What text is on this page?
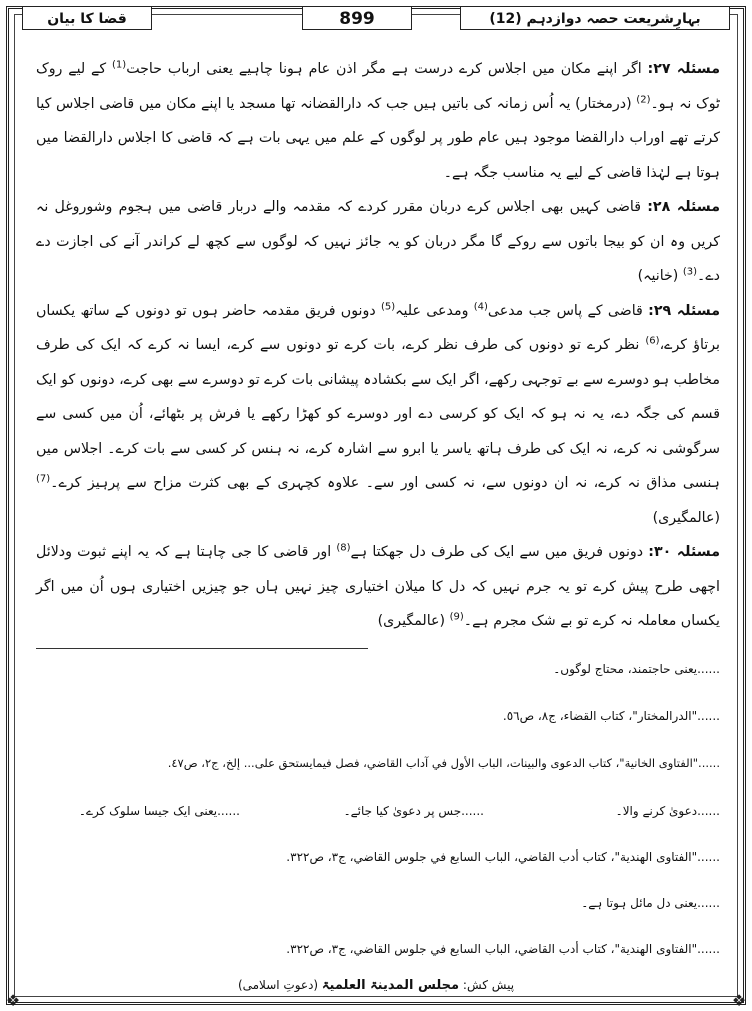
❖	❖
قضا کا بیان	899	بہارِشریعت حصہ دوازدہم (12)

مسئلہ ۲۷: اگر اپنے مکان میں اجلاس کرے درست ہے مگر اذن عام ہونا چاہیے یعنی ارباب حاجت$^{(1)}$ کے لیے روک ٹوک نہ ہو۔$^{(2)}$ (درمختار) یہ اُس زمانہ کی باتیں ہیں جب کہ دارالقضانہ تھا مسجد یا اپنے مکان میں قاضی اجلاس کیا کرتے تھے اوراب دارالقضا موجود ہیں عام طور پر لوگوں کے علم میں یہی بات ہے کہ قاضی کا اجلاس دارالقضا میں ہوتا ہے لہٰذا قاضی کے لیے یہ مناسب جگہ ہے۔

مسئلہ ۲۸: قاضی کہیں بھی اجلاس کرے دربان مقرر کردے کہ مقدمہ والے دربار قاضی میں ہجوم وشوروغل نہ کریں وہ ان کو بیجا باتوں سے روکے گا مگر دربان کو یہ جائز نہیں کہ لوگوں سے کچھ لے کراندر آنے کی اجازت دے دے۔$^{(3)}$ (خانیہ)

مسئلہ ۲۹: قاضی کے پاس جب مدعی$^{(4)}$ ومدعی علیہ$^{(5)}$ دونوں فریق مقدمہ حاضر ہوں تو دونوں کے ساتھ یکساں برتاؤ کرے،$^{(6)}$ نظر کرے تو دونوں کی طرف نظر کرے، بات کرے تو دونوں سے کرے، ایسا نہ کرے کہ ایک کی طرف مخاطب ہو دوسرے سے بے توجہی رکھے، اگر ایک سے بکشادہ پیشانی بات کرے تو دوسرے سے بھی کرے، دونوں کو ایک قسم کی جگہ دے، یہ نہ ہو کہ ایک کو کرسی دے اور دوسرے کو کھڑا رکھے یا فرش پر بٹھائے، اُن میں کسی سے سرگوشی نہ کرے، نہ ایک کی طرف ہاتھ یاسر یا ابرو سے اشارہ کرے، نہ ہنس کر کسی سے بات کرے۔ اجلاس میں ہنسی مذاق نہ کرے، نہ ان دونوں سے، نہ کسی اور سے۔ علاوہ کچہری کے بھی کثرت مزاح سے پرہیز کرے۔$^{(7)}$ (عالمگیری)

مسئلہ ۳۰: دونوں فریق میں سے ایک کی طرف دل جھکتا ہے$^{(8)}$ اور قاضی کا جی چاہتا ہے کہ یہ اپنے ثبوت ودلائل اچھی طرح پیش کرے تو یہ جرم نہیں کہ دل کا میلان اختیاری چیز نہیں ہاں جو چیزیں اختیاری ہوں اُن میں اگر یکساں معاملہ نہ کرے تو بے شک مجرم ہے۔$^{(9)}$ (عالمگیری)

......یعنی حاجتمند، محتاج لوگوں۔
......"الدرالمختار"، كتاب القضاء، ج٨، ص٥٦.
......"الفتاوى الخانية"، كتاب الدعوى والبينات، الباب الأول في آداب القاضي، فصل فيمايستحق على... إلخ، ج٢، ص٤٧.
......دعویٰ کرنے والا۔
......جس پر دعویٰ کیا جائے۔
......یعنی ایک جیسا سلوک کرے۔
......"الفتاوى الهندية"، كتاب أدب القاضي، الباب السابع في جلوس القاضي، ج٣، ص٣٢٢.
......یعنی دل مائل ہوتا ہے۔
......"الفتاوى الهندية"، كتاب أدب القاضي، الباب السابع في جلوس القاضي، ج٣، ص٣٢٢.
پیش کش: مجلس المدینۃ العلمیۃ (دعوتِ اسلامی)
